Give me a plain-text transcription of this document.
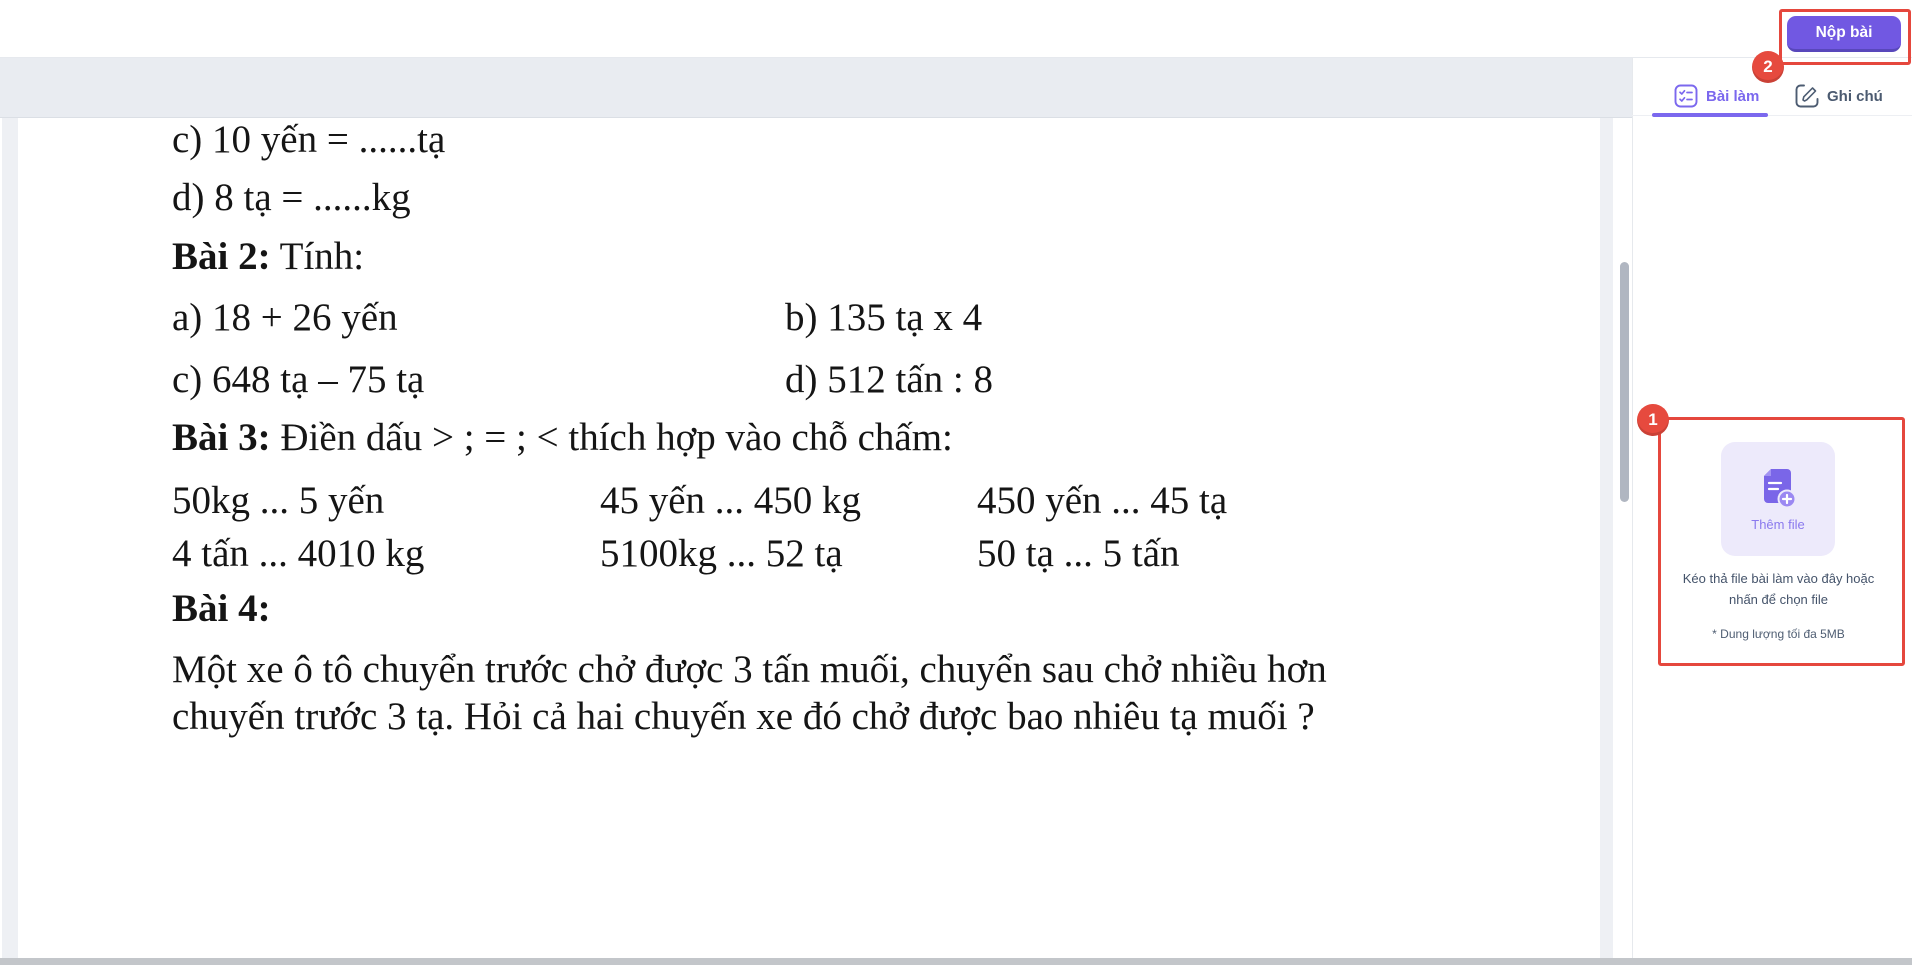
Nộp bài
2
c) 10 yến = ......tạ
d) 8 tạ = ......kg
Bài 2: Tính:
a) 18 + 26 yến	b) 135 tạ x 4
c) 648 tạ – 75 tạ	d) 512 tấn : 8
Bài 3: Điền dấu > ; = ; < thích hợp vào chỗ chấm:
50kg ... 5 yến	45 yến ... 450 kg	450 yến ... 45 tạ
4 tấn ... 4010 kg	5100kg ... 52 tạ	50 tạ ... 5 tấn
Bài 4:
Một xe ô tô chuyển trước chở được 3 tấn muối, chuyển sau chở nhiều hơn
chuyến trước 3 tạ. Hỏi cả hai chuyến xe đó chở được bao nhiêu tạ muối ?
Bài làm	Ghi chú
1
Thêm file
Kéo thả file bài làm vào đây hoặc
nhấn để chọn file
* Dung lượng tối đa 5MB
